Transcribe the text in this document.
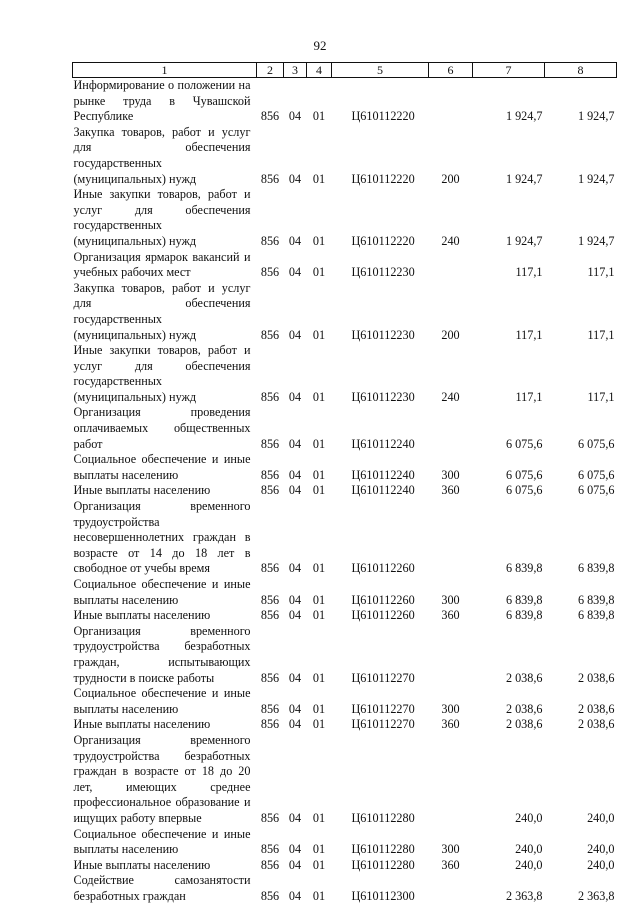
92
1	2	3	4	5	6	7	8
Информирование о положении на рынке труда в Чувашской Республике	856	04	01	Ц610112220		1 924,7	1 924,7
Закупка товаров, работ и услуг для обеспечения государственных (муниципальных) нужд	856	04	01	Ц610112220	200	1 924,7	1 924,7
Иные закупки товаров, работ и услуг для обеспечения государственных (муниципальных) нужд	856	04	01	Ц610112220	240	1 924,7	1 924,7
Организация ярмарок вакансий и учебных рабочих мест	856	04	01	Ц610112230		117,1	117,1
Закупка товаров, работ и услуг для обеспечения государственных (муниципальных) нужд	856	04	01	Ц610112230	200	117,1	117,1
Иные закупки товаров, работ и услуг для обеспечения государственных (муниципальных) нужд	856	04	01	Ц610112230	240	117,1	117,1
Организация проведения оплачиваемых общественных работ	856	04	01	Ц610112240		6 075,6	6 075,6
Социальное обеспечение и иные выплаты населению	856	04	01	Ц610112240	300	6 075,6	6 075,6
Иные выплаты населению	856	04	01	Ц610112240	360	6 075,6	6 075,6
Организация временного трудоустройства несовершеннолетних граждан в возрасте от 14 до 18 лет в свободное от учебы время	856	04	01	Ц610112260		6 839,8	6 839,8
Социальное обеспечение и иные выплаты населению	856	04	01	Ц610112260	300	6 839,8	6 839,8
Иные выплаты населению	856	04	01	Ц610112260	360	6 839,8	6 839,8
Организация временного трудоустройства безработных граждан, испытывающих трудности в поиске работы	856	04	01	Ц610112270		2 038,6	2 038,6
Социальное обеспечение и иные выплаты населению	856	04	01	Ц610112270	300	2 038,6	2 038,6
Иные выплаты населению	856	04	01	Ц610112270	360	2 038,6	2 038,6
Организация временного трудоустройства безработных граждан в возрасте от 18 до 20 лет, имеющих среднее профессиональное образование и ищущих работу впервые	856	04	01	Ц610112280		240,0	240,0
Социальное обеспечение и иные выплаты населению	856	04	01	Ц610112280	300	240,0	240,0
Иные выплаты населению	856	04	01	Ц610112280	360	240,0	240,0
Содействие самозанятости безработных граждан	856	04	01	Ц610112300		2 363,8	2 363,8
